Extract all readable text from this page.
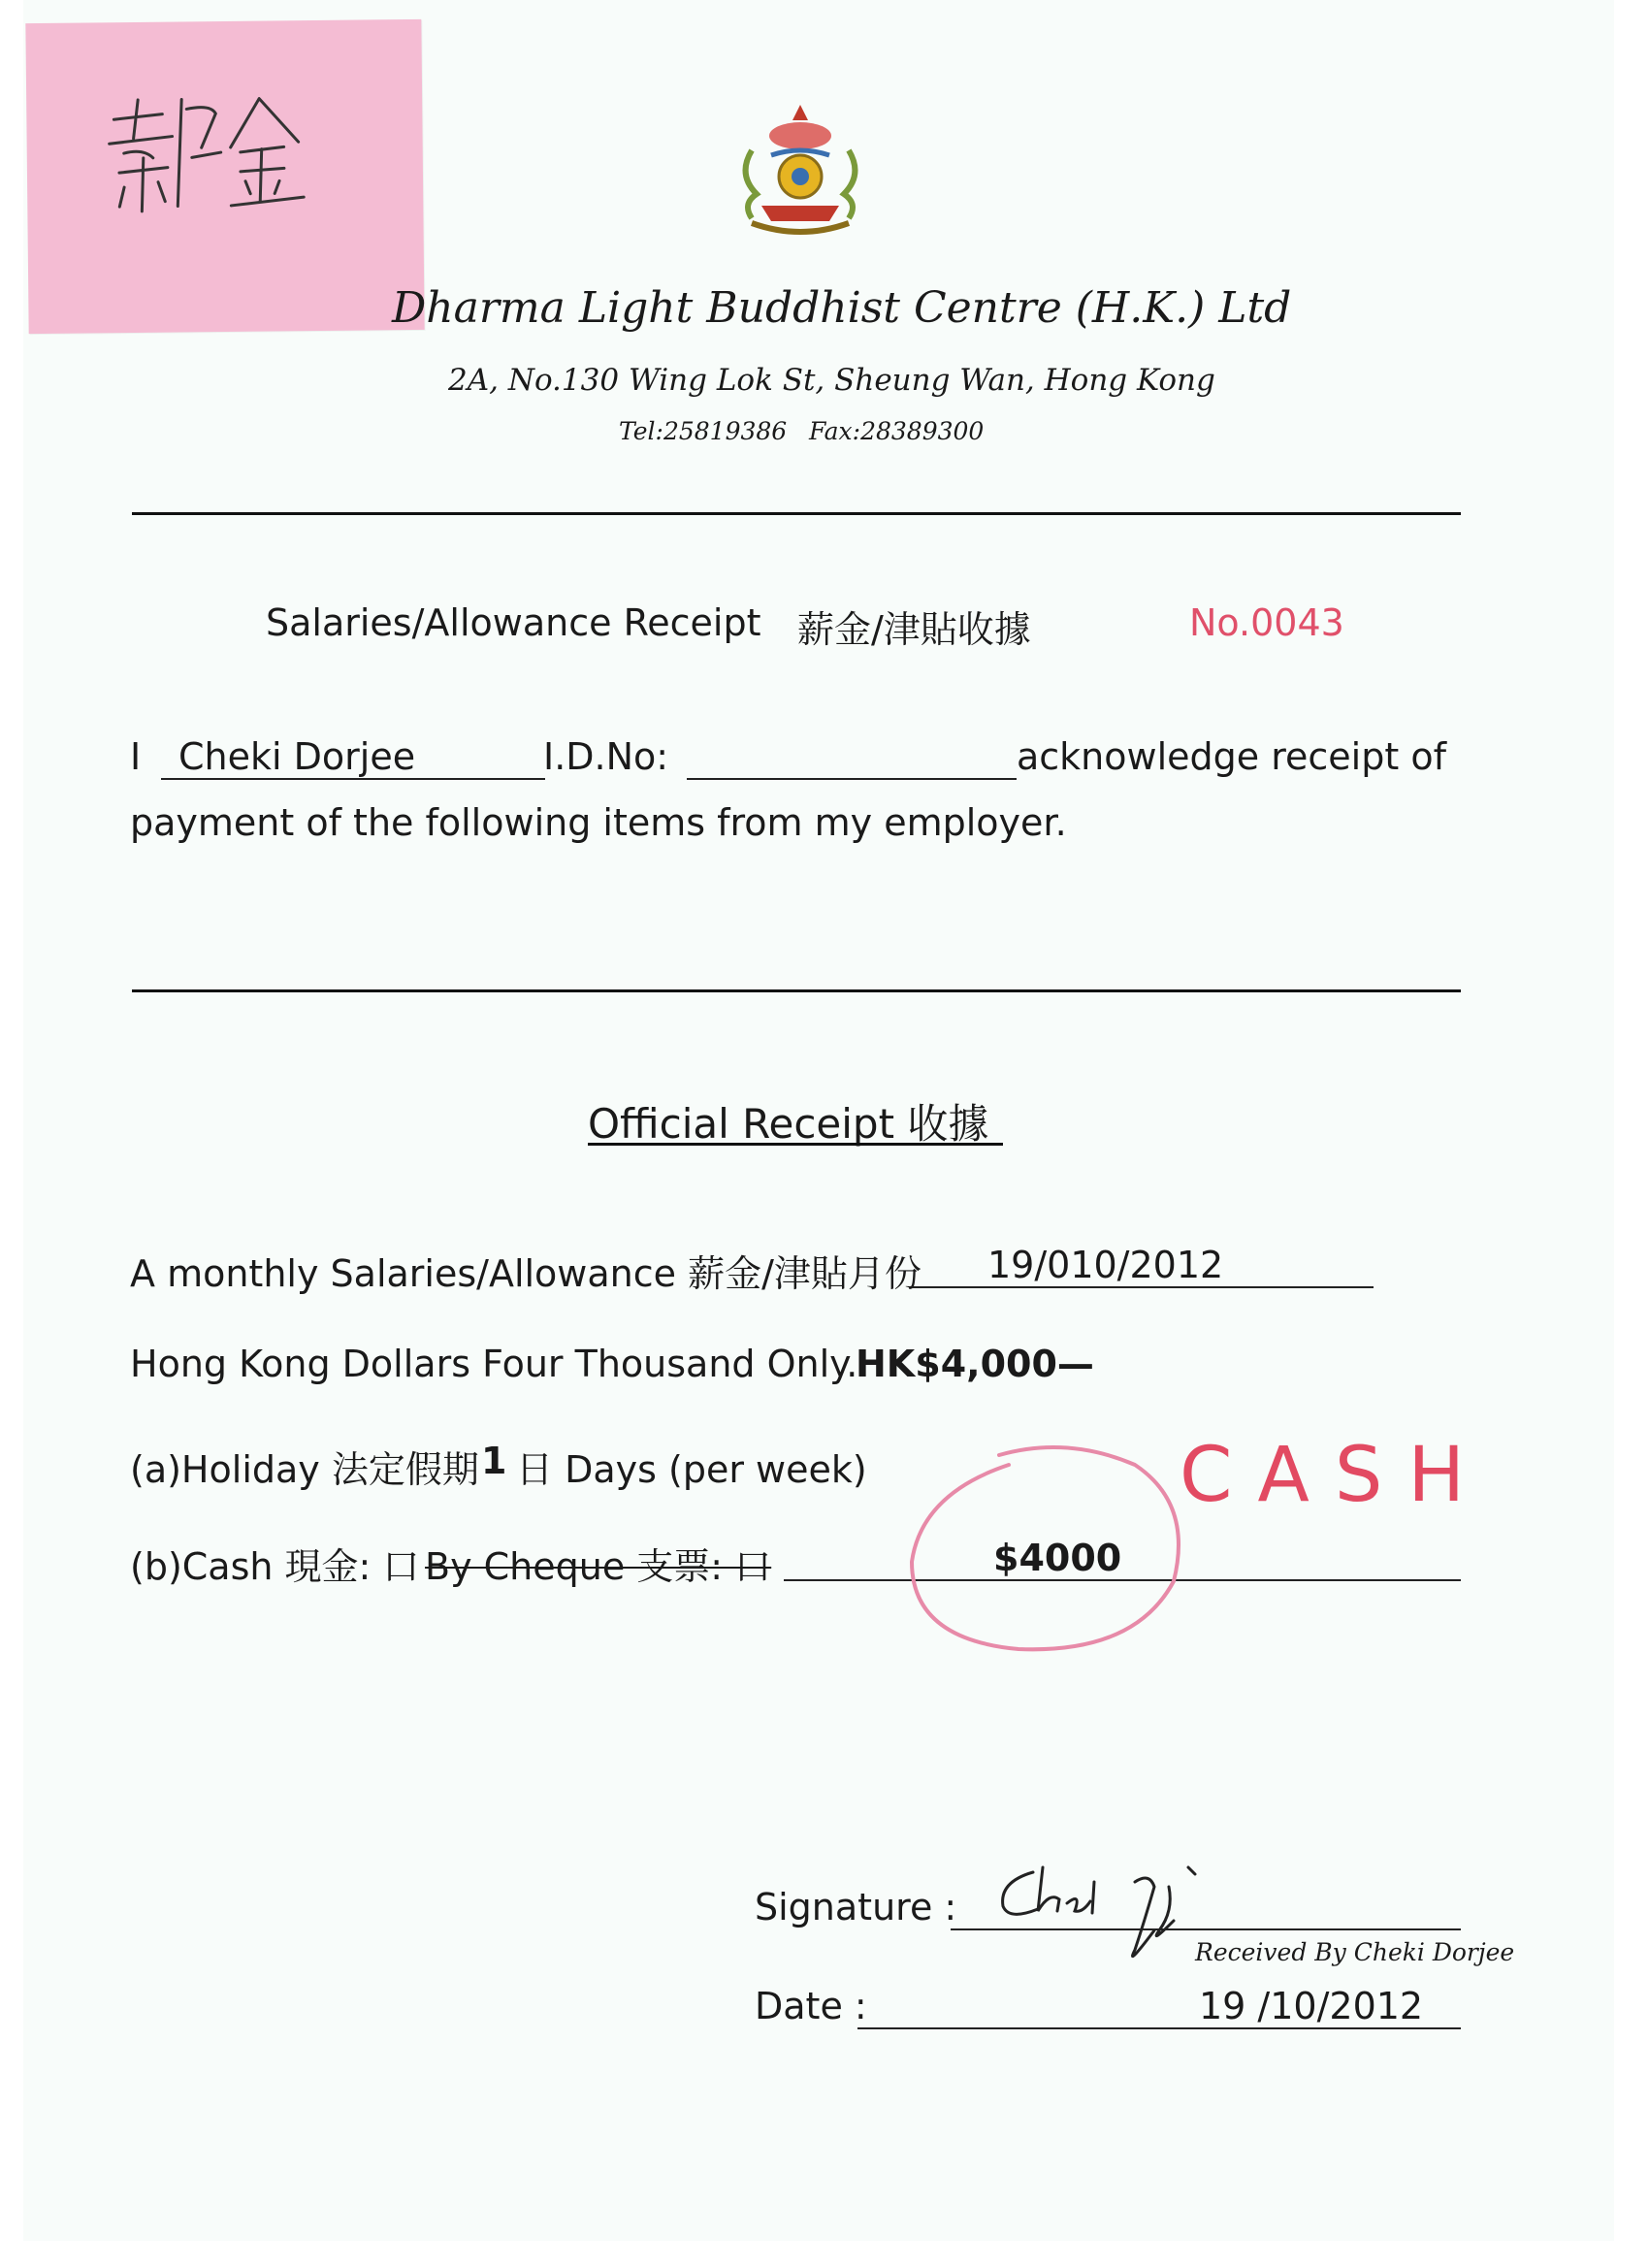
Dharma Light Buddhist Centre (H.K.) Ltd
2A, No.130 Wing Lok St, Sheung Wan, Hong Kong
Tel:25819386 Fax:28389300
Salaries/Allowance Receipt 薪金/津貼收據	No.0043
I Cheki Dorjee	I.D.No:	acknowledge receipt of
payment of the following items from my employer.
Official Receipt 收據
A monthly Salaries/Allowance 薪金/津貼月份 19/010/2012
Hong Kong Dollars Four Thousand Only.
HK$4,000—
(a)Holiday 法定假期 1 日 Days (per week)
(b)Cash 現金: 口 By Cheque 支票: 口	$4000
CASH
Signature :
Received By Cheki Dorjee
Date :	19 /10/2012
